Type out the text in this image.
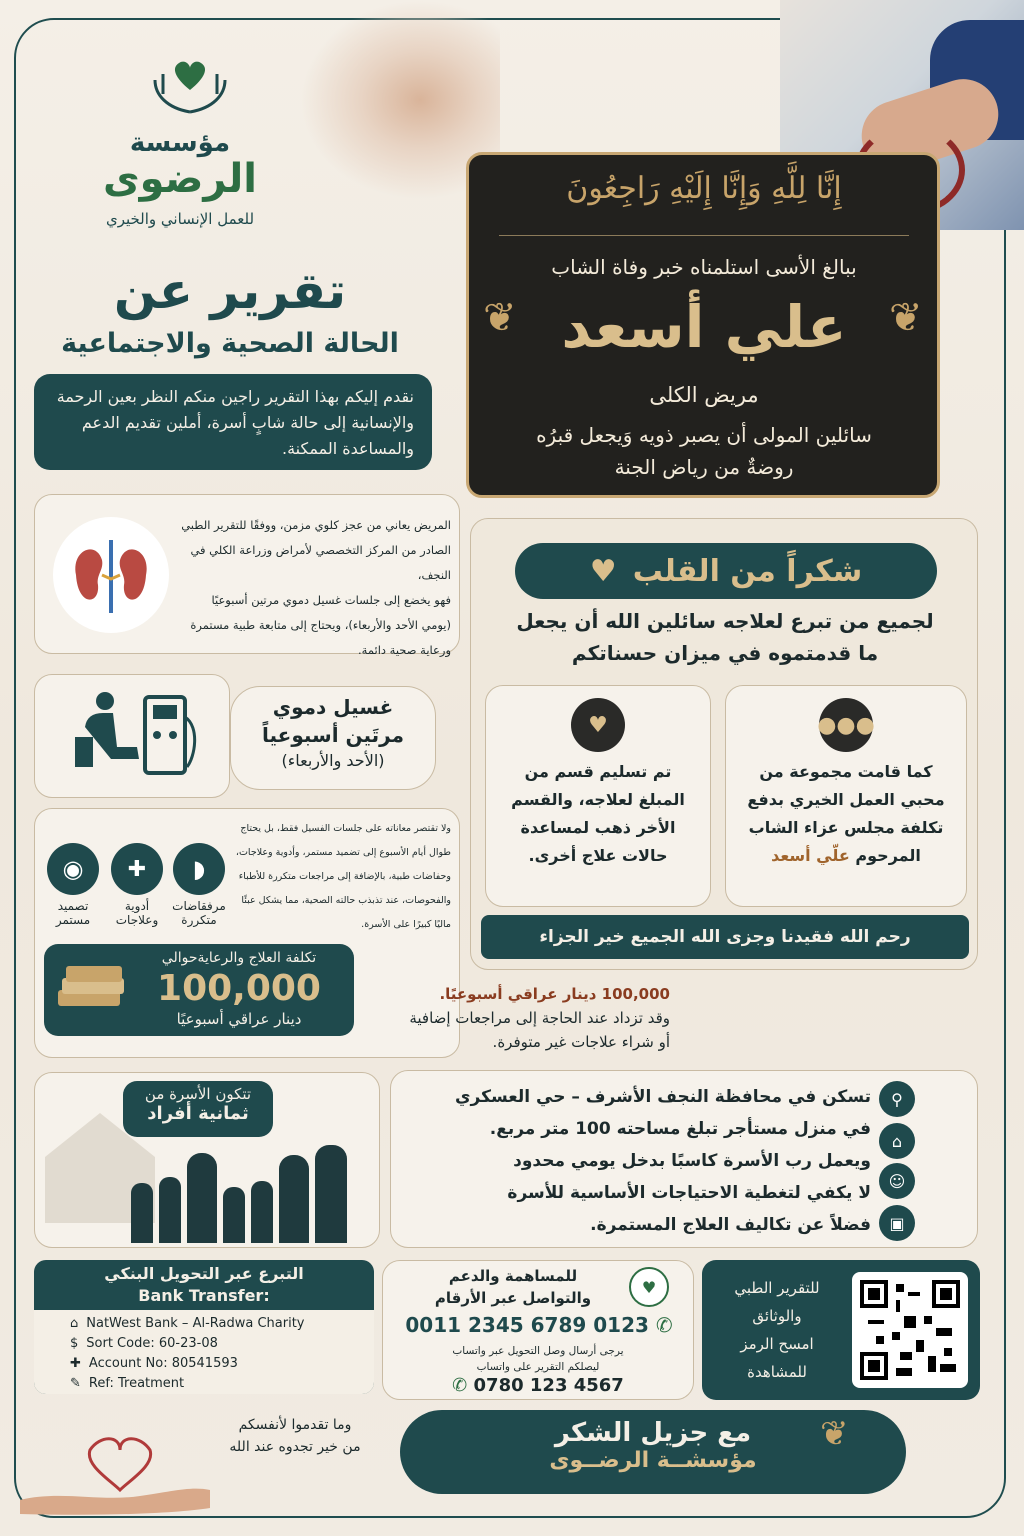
مؤسسة
الرضوى
للعمل الإنساني والخيري
تقرير عن
الحالة الصحية والاجتماعية
نقدم إليكم بهذا التقرير راجين منكم النظر بعين الرحمة والإنسانية إلى حالة شابٍ أسرة، أملين تقديم الدعم والمساعدة الممكنة.
إِنَّا لِلَّهِ وَإِنَّا إِلَيْهِ رَاجِعُونَ
ببالغ الأسى استلمناه خبر وفاة الشاب
علي أسعد
مريض الكلى
سائلين المولى أن يصبر ذويه وَيجعل قبرُه
روضةٌ من رياض الجنة
❦	❦
المريض يعاني من عجز كلوي مزمن، ووفقًا للتقرير الطبي
الصادر من المركز التخصصي لأمراض وزراعة الكلي في النجف،
فهو يخضع إلى جلسات غسيل دموي مرتين أسبوعيًا
(يومي الأحد والأربعاء)، ويحتاج إلى متابعة طبية مستمرة
ورعاية صحية دائمة.
غسيل دموي
مرتَين أسبوعياً
(الأحد والأربعاء)
ولا تقتصر معاناته على جلسات الفسيل فقط، بل يحتاج
طوال أيام الأسبوع إلى تضميد مستمر، وأدوية وعلاجات،
وحفاضات طبية، بالإضافة إلى مراجعات متكررة للأطباء
والفحوصات، عند تذبذب حالته الصحية، مما يشكل عبئًا
ماليًا كبيرًا على الأسرة.
◗
مرفقاضات
متكررة
✚
أدوية
وعلاجات
◉
تصميد
مستمر
تكلفة العلاج والرعايةحوالي
100,000
دينار عراقي أسبوعيًا
100,000 دينار عراقي أسبوعيًا.
وقد تزداد عند الحاجة إلى مراجعات إضافية
أو شراء علاجات غير متوفرة.
شكراً من القلب
♥
لجميع من تبرع لعلاجه سائلين الله أن يجعل
ما قدمتموه في ميزان حسناتكم
●●●
كما قامت مجموعة من
محبي العمل الخيري بدفع
تكلفة مجلس عزاء الشاب
المرحوم علّي أسعد
♥
تم تسليم قسم من
المبلغ لعلاجه، والقسم
الأخر ذهب لمساعدة
حالات علاج أخرى.
رحم الله فقيدنا وجزى الله الجميع خير الجزاء
تتكون الأسرة من
ثمانية أفراد
تسكن في محافظة النجف الأشرف – حي العسكري
في منزل مستأجر تبلغ مساحته 100 متر مربع.
ويعمل رب الأسرة كاسبًا بدخل يومي محدود
لا يكفي لتغطية الاحتياجات الأساسية للأسرة
فضلاً عن تكاليف العلاج المستمرة.
⚲
⌂
☺
▣
التبرع عبر التحويل البنكي
Bank Transfer:
⌂ NatWest Bank – Al-Radwa Charity
$ Sort Code: 60-23-08
✚ Account No: 80541593
✎ Ref: Treatment
للمساهمة والدعم
والتواصل عبر الأرقام
♥
0011 2345 6789 0123 ✆
يرجى أرسال وصل التحويل عبر واتساب
ليصلكم التقرير على واتساب
✆ 0780 123 4567
للتقرير الطبي
والوثائق
امسح الرمز
للمشاهدة
وما تقدموا لأنفسكم
من خير تجدوه عند الله	مع جزيل الشكر
مؤسشــة الرضــوى
❦
